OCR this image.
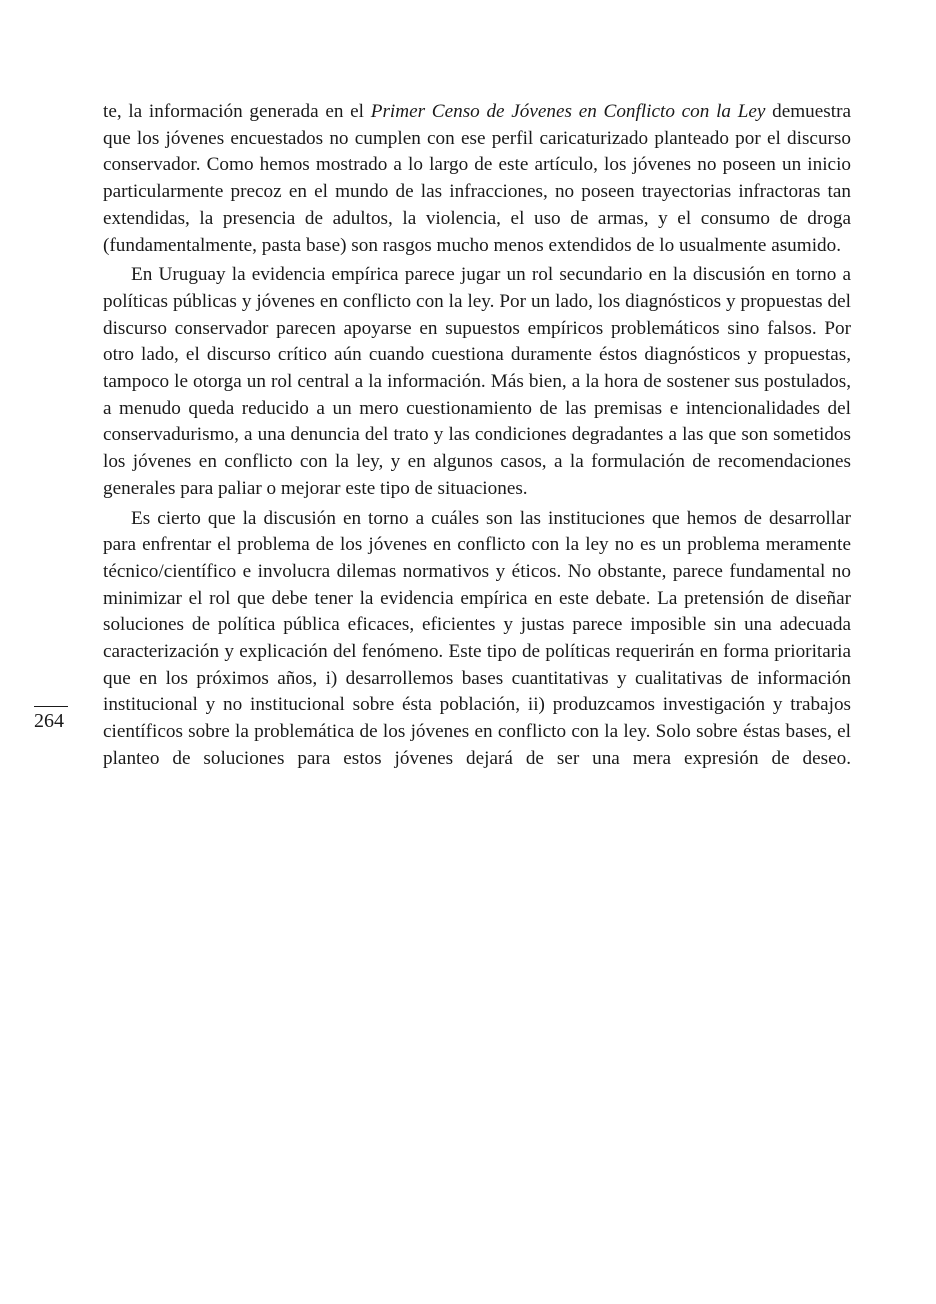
te, la información generada en el Primer Censo de Jóvenes en Conflicto con la Ley demuestra que los jóvenes encuestados no cumplen con ese perfil caricaturizado planteado por el discurso conservador. Como hemos mostrado a lo largo de este artículo, los jóvenes no poseen un inicio particularmente precoz en el mundo de las infracciones, no poseen trayectorias infractoras tan extendidas, la presencia de adultos, la violencia, el uso de armas, y el consumo de droga (fundamentalmente, pasta base) son rasgos mucho menos extendidos de lo usualmente asumido.

En Uruguay la evidencia empírica parece jugar un rol secundario en la discusión en torno a políticas públicas y jóvenes en conflicto con la ley. Por un lado, los diagnósticos y propuestas del discurso conservador parecen apoyarse en supuestos empíricos problemáticos sino falsos. Por otro lado, el discurso crítico aún cuando cuestiona duramente éstos diagnósticos y propuestas, tampoco le otorga un rol central a la información. Más bien, a la hora de sostener sus postulados, a menudo queda reducido a un mero cuestionamiento de las premisas e intencionalidades del conservadurismo, a una denuncia del trato y las condiciones degradantes a las que son sometidos los jóvenes en conflicto con la ley, y en algunos casos, a la formulación de recomendaciones generales para paliar o mejorar este tipo de situaciones.

Es cierto que la discusión en torno a cuáles son las instituciones que hemos de desarrollar para enfrentar el problema de los jóvenes en conflicto con la ley no es un problema meramente técnico/científico e involucra dilemas normativos y éticos. No obstante, parece fundamental no minimizar el rol que debe tener la evidencia empírica en este debate. La pretensión de diseñar soluciones de política pública eficaces, eficientes y justas parece imposible sin una adecuada caracterización y explicación del fenómeno. Este tipo de políticas requerirán en forma prioritaria que en los próximos años, i) desarrollemos bases cuantitativas y cualitativas de información institucional y no institucional sobre ésta población, ii) produzcamos investigación y trabajos científicos sobre la problemática de los jóvenes en conflicto con la ley. Solo sobre éstas bases, el planteo de soluciones para estos jóvenes dejará de ser una mera expresión de deseo.

264
